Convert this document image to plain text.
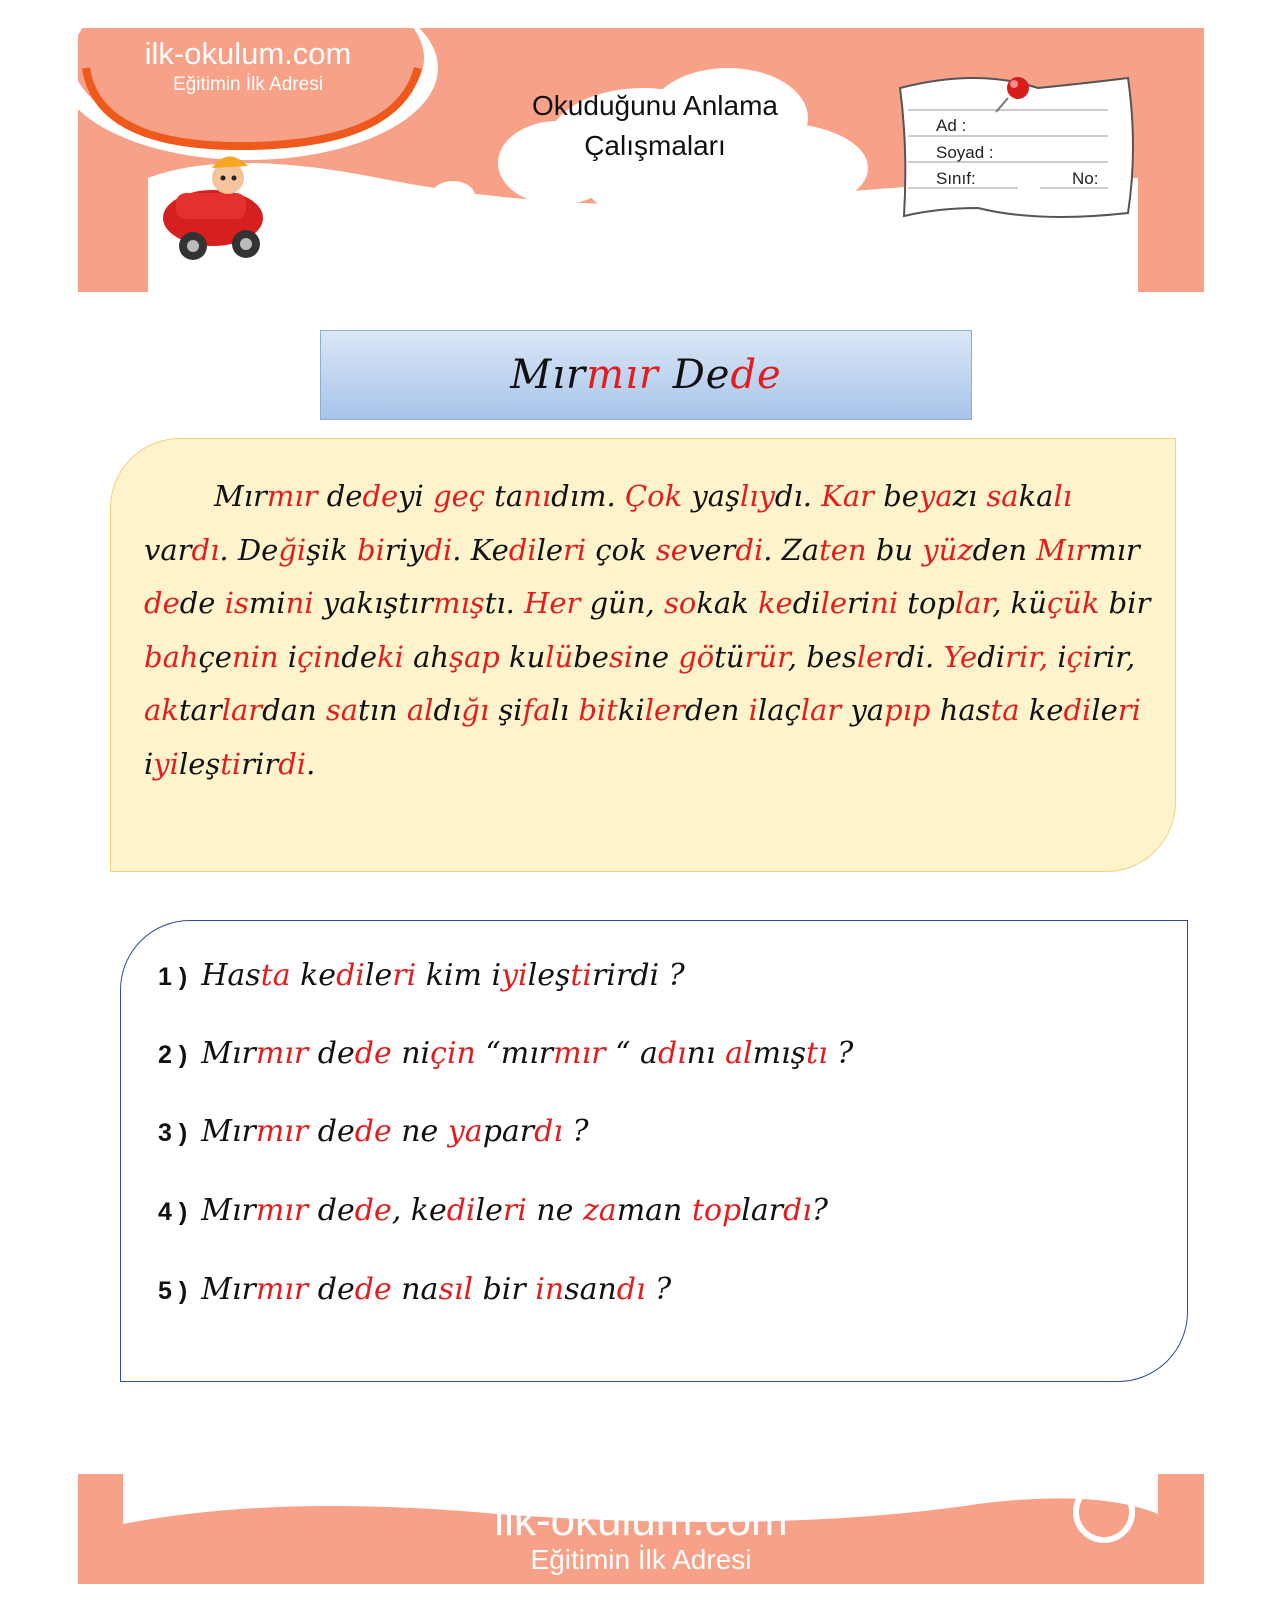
ilk-okulum.com
Eğitimin İlk Adresi
Okuduğunu Anlama
Çalışmaları
Ad :
Soyad :
Sınıf:	No:
Mırmır Dede

Mırmır dedeyi geç tanıdım. Çok yaşlıydı. Kar beyazı sakalı vardı. Değişik biriydi. Kedileri çok severdi. Zaten bu yüzden Mırmır dede ismini yakıştırmıştı. Her gün, sokak kedilerini toplar, küçük bir bahçenin içindeki ahşap kulübesine götürür, beslerdi. Yedirir, içirir, aktarlardan satın aldığı şifalı bitkilerden ilaçlar yapıp hasta kedileri iyileştirirdi.

1 ) Hasta kedileri kim iyileştirirdi ?
2 ) Mırmır dede niçin “mırmır “ adını almıştı ?
3 ) Mırmır dede ne yapardı ?
4 ) Mırmır dede, kedileri ne zaman toplardı?
5 ) Mırmır dede nasıl bir insandı ?
ilk-okulum.com
Eğitimin İlk Adresi
